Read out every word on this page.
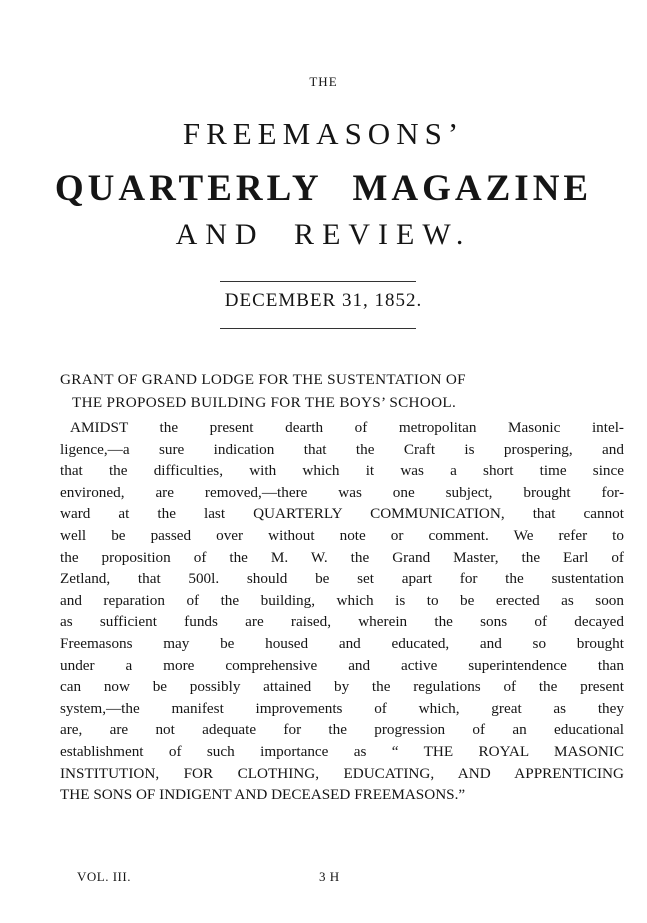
THE
FREEMASONS’
QUARTERLY MAGAZINE
AND REVIEW.
DECEMBER 31, 1852.
GRANT OF GRAND LODGE FOR THE SUSTENTATION OF
THE PROPOSED BUILDING FOR THE BOYS’ SCHOOL.
AMIDST the present dearth of metropolitan Masonic intel-
ligence,—a sure indication that the Craft is prospering, and
that the difficulties, with which it was a short time since
environed, are removed,—there was one subject, brought for-
ward at the last QUARTERLY COMMUNICATION, that cannot
well be passed over without note or comment. We refer to
the proposition of the M. W. the Grand Master, the Earl of
Zetland, that 500l. should be set apart for the sustentation
and reparation of the building, which is to be erected as soon
as sufficient funds are raised, wherein the sons of decayed
Freemasons may be housed and educated, and so brought
under a more comprehensive and active superintendence than
can now be possibly attained by the regulations of the present
system,—the manifest improvements of which, great as they
are, are not adequate for the progression of an educational
establishment of such importance as “ THE ROYAL MASONIC
INSTITUTION, FOR CLOTHING, EDUCATING, AND APPRENTICING
THE SONS OF INDIGENT AND DECEASED FREEMASONS.”
VOL. III.	3 H
